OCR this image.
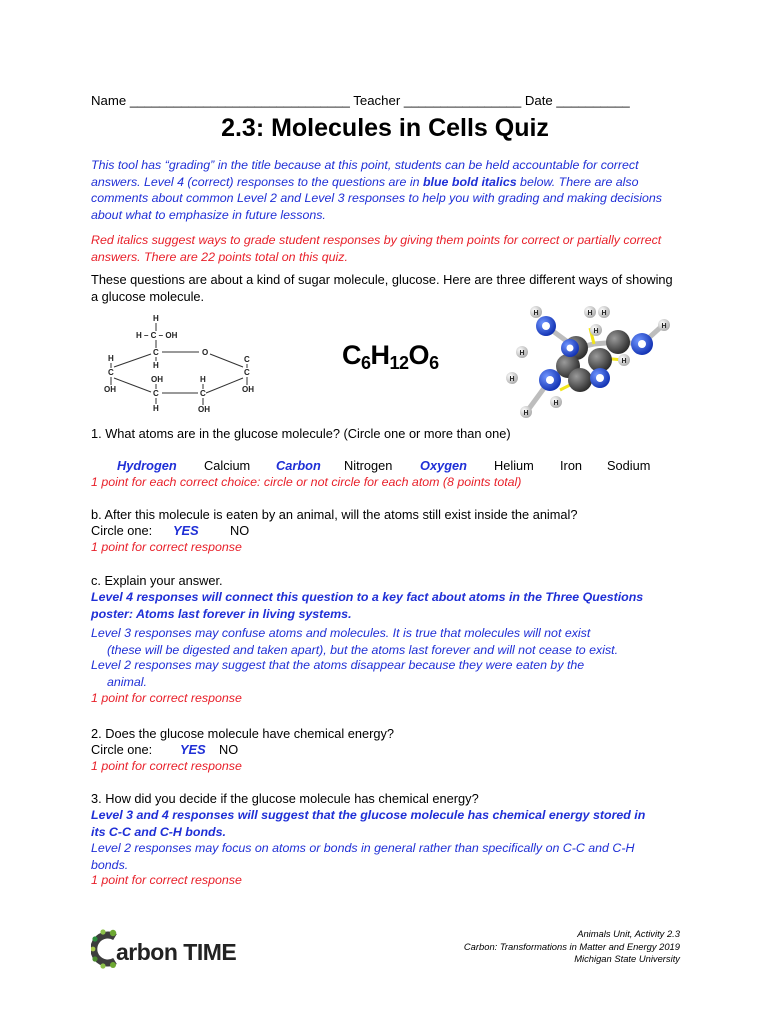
Name ______________________________ Teacher ________________ Date __________
2.3: Molecules in Cells Quiz
This tool has “grading” in the title because at this point, students can be held accountable for correct answers. Level 4 (correct) responses to the questions are in blue bold italics below. There are also comments about common Level 2 and Level 3 responses to help you with grading and making decisions about what to emphasize in future lessons.
Red italics suggest ways to grade student responses by giving them points for correct or partially correct answers. There are 22 points total on this quiz.
These questions are about a kind of sugar molecule, glucose. Here are three different ways of showing a glucose molecule.
H
H – C – OH
C	O
H
H
C	C
OH	H
C
OH	C
C
OH
H	OH
$C_6H_{12}O_6$
H	H H
H
H
H
H
H
H
H
1. What atoms are in the glucose molecule? (Circle one or more than one)
Hydrogen Calcium Carbon Nitrogen Oxygen Helium Iron Sodium
1 point for each correct choice: circle or not circle for each atom (8 points total)
b. After this molecule is eaten by an animal, will the atoms still exist inside the animal?
Circle one: YES NO
1 point for correct response
c. Explain your answer.
Level 4 responses will connect this question to a key fact about atoms in the Three Questions poster: Atoms last forever in living systems.
Level 3 responses may confuse atoms and molecules. It is true that molecules will not exist
(these will be digested and taken apart), but the atoms last forever and will not cease to exist.
Level 2 responses may suggest that the atoms disappear because they were eaten by the
animal.
1 point for correct response
2. Does the glucose molecule have chemical energy?
Circle one: YES NO
1 point for correct response
3. How did you decide if the glucose molecule has chemical energy?
Level 3 and 4 responses will suggest that the glucose molecule has chemical energy stored in its C-C and C-H bonds.
Level 2 responses may focus on atoms or bonds in general rather than specifically on C-C and C-H bonds.
1 point for correct response
arbon TIME
Animals Unit, Activity 2.3
Carbon: Transformations in Matter and Energy 2019
Michigan State University
